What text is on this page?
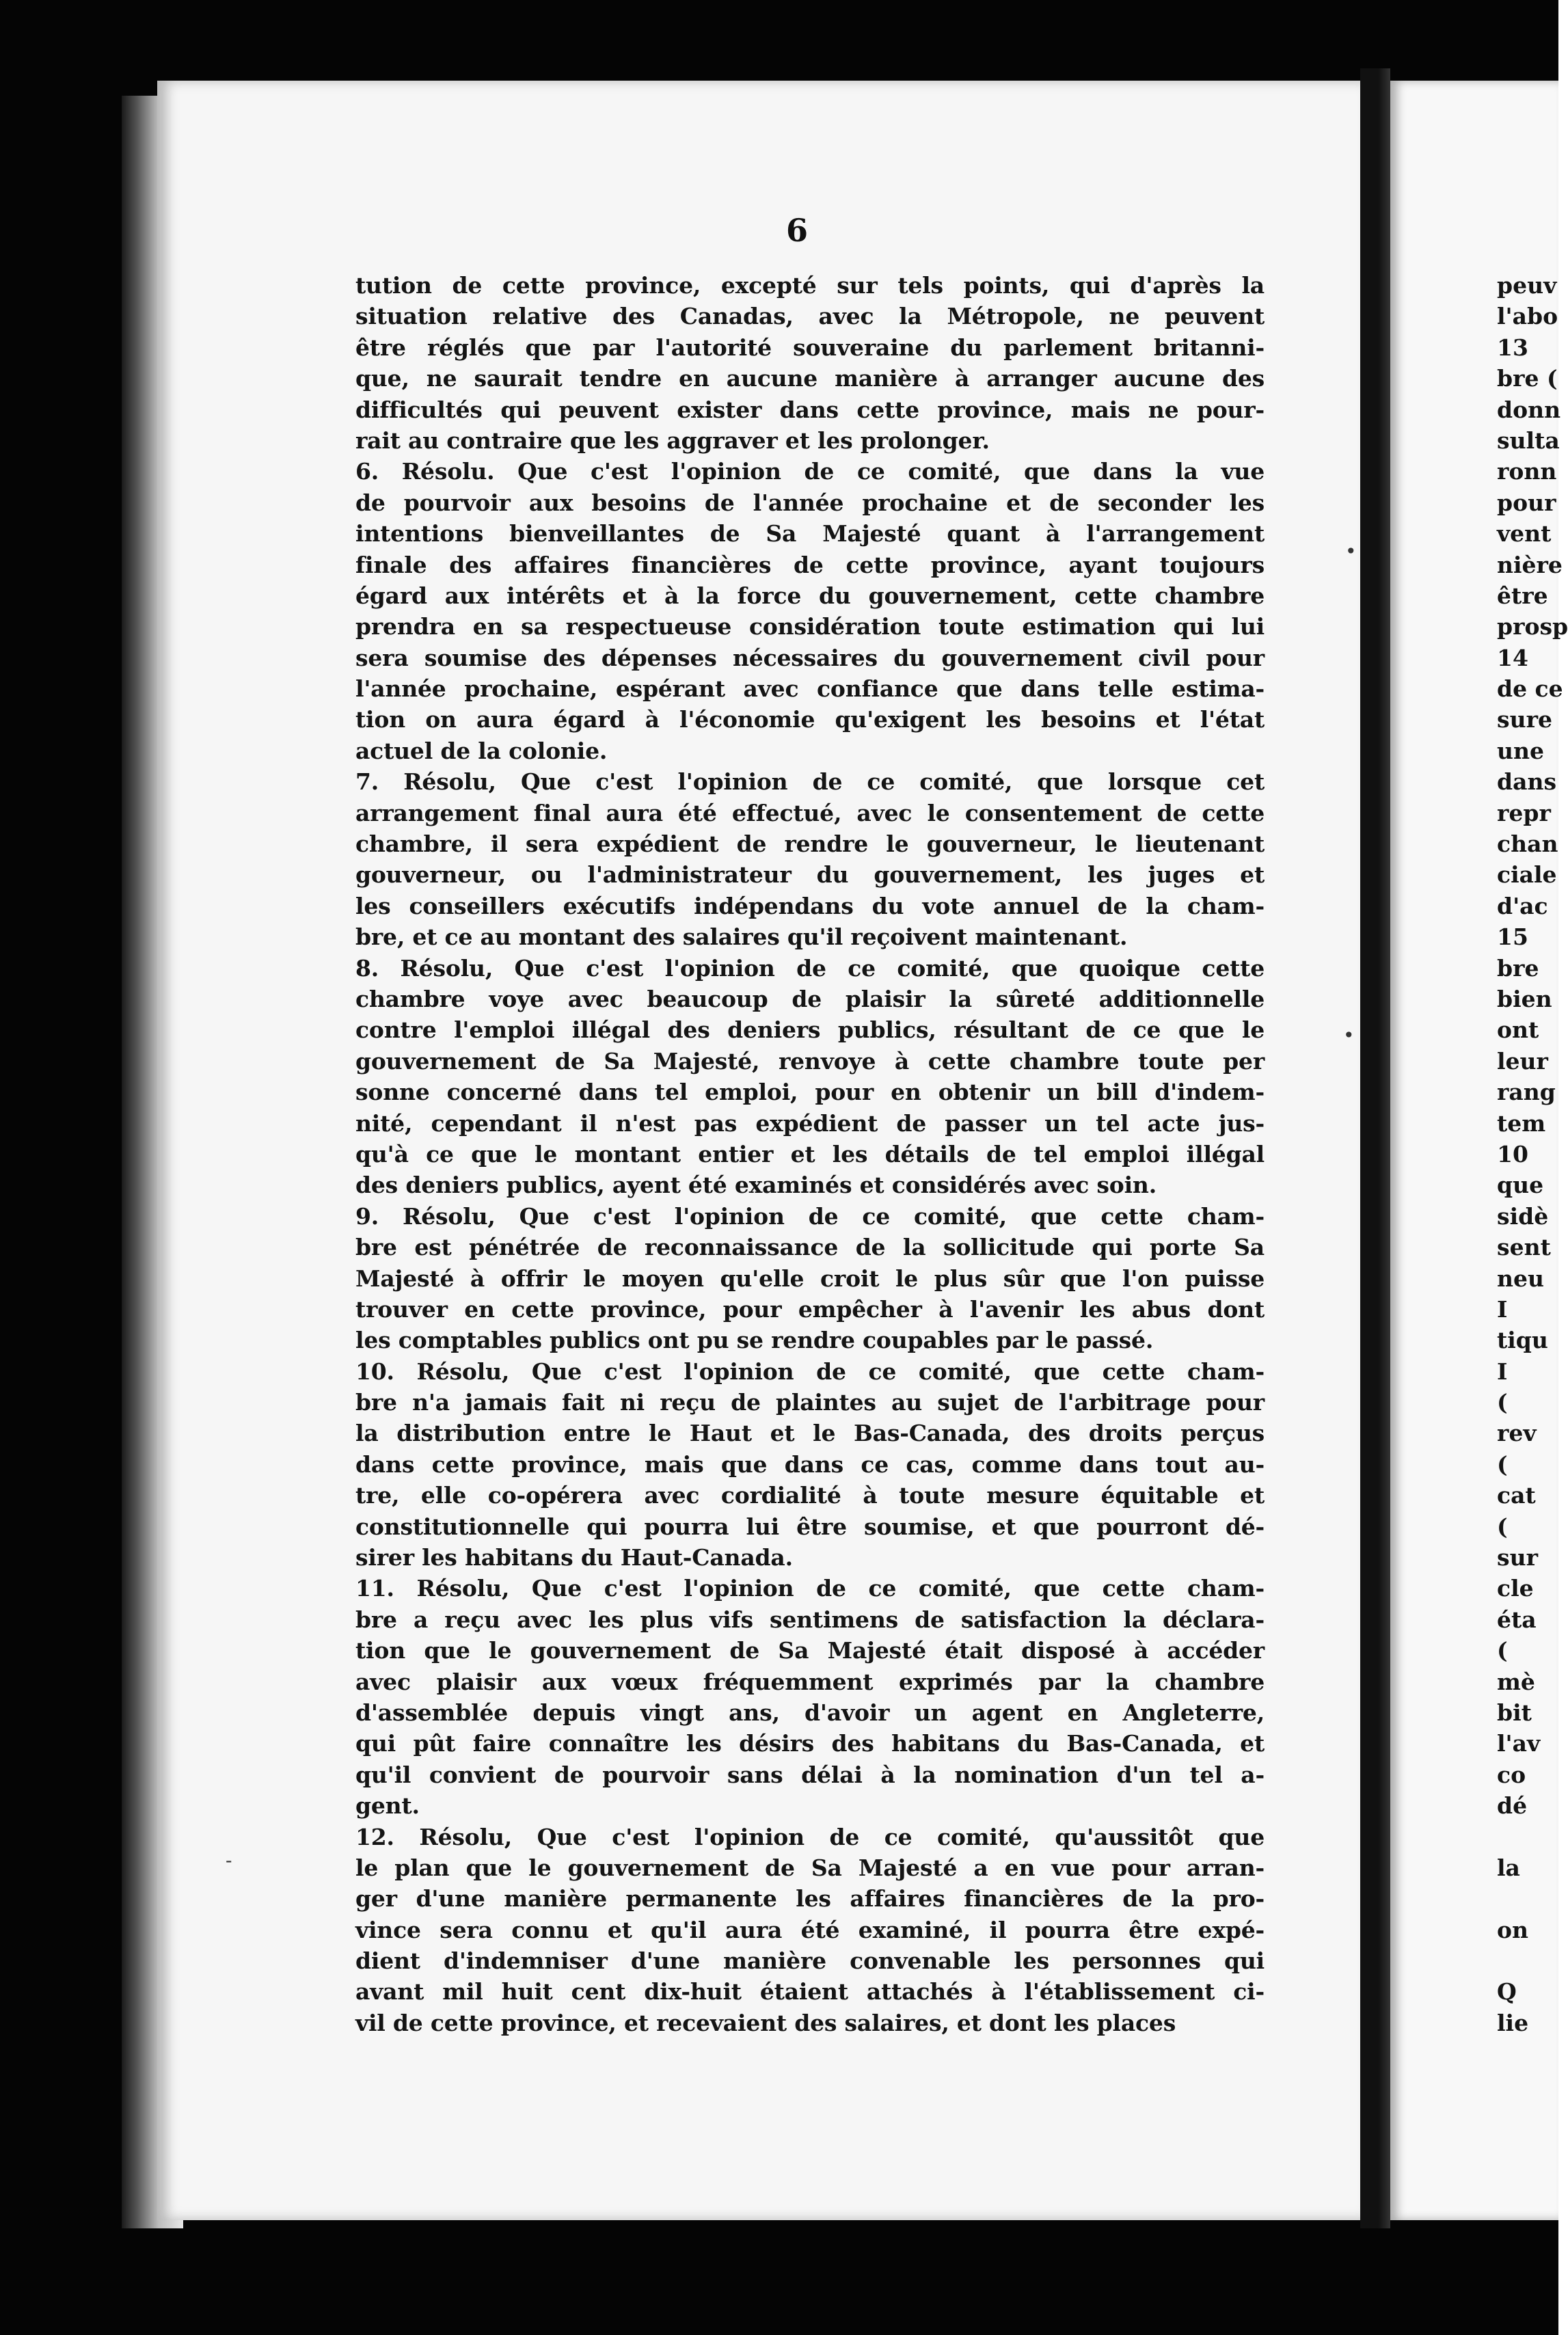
6
tution de cette province, excepté sur tels points, qui d'après la
situation relative des Canadas, avec la Métropole, ne peuvent
être réglés que par l'autorité souveraine du parlement britanni-
que, ne saurait tendre en aucune manière à arranger aucune des
difficultés qui peuvent exister dans cette province, mais ne pour-
rait au contraire que les aggraver et les prolonger.
6. Résolu. Que c'est l'opinion de ce comité, que dans la vue
de pourvoir aux besoins de l'année prochaine et de seconder les
intentions bienveillantes de Sa Majesté quant à l'arrangement
finale des affaires financières de cette province, ayant toujours
égard aux intérêts et à la force du gouvernement, cette chambre
prendra en sa respectueuse considération toute estimation qui lui
sera soumise des dépenses nécessaires du gouvernement civil pour
l'année prochaine, espérant avec confiance que dans telle estima-
tion on aura égard à l'économie qu'exigent les besoins et l'état
actuel de la colonie.
7. Résolu, Que c'est l'opinion de ce comité, que lorsque cet
arrangement final aura été effectué, avec le consentement de cette
chambre, il sera expédient de rendre le gouverneur, le lieutenant
gouverneur, ou l'administrateur du gouvernement, les juges et
les conseillers exécutifs indépendans du vote annuel de la cham-
bre, et ce au montant des salaires qu'il reçoivent maintenant.
8. Résolu, Que c'est l'opinion de ce comité, que quoique cette
chambre voye avec beaucoup de plaisir la sûreté additionnelle
contre l'emploi illégal des deniers publics, résultant de ce que le
gouvernement de Sa Majesté, renvoye à cette chambre toute per
sonne concerné dans tel emploi, pour en obtenir un bill d'indem-
nité, cependant il n'est pas expédient de passer un tel acte jus-
qu'à ce que le montant entier et les détails de tel emploi illégal
des deniers publics, ayent été examinés et considérés avec soin.
9. Résolu, Que c'est l'opinion de ce comité, que cette cham-
bre est pénétrée de reconnaissance de la sollicitude qui porte Sa
Majesté à offrir le moyen qu'elle croit le plus sûr que l'on puisse
trouver en cette province, pour empêcher à l'avenir les abus dont
les comptables publics ont pu se rendre coupables par le passé.
10. Résolu, Que c'est l'opinion de ce comité, que cette cham-
bre n'a jamais fait ni reçu de plaintes au sujet de l'arbitrage pour
la distribution entre le Haut et le Bas-Canada, des droits perçus
dans cette province, mais que dans ce cas, comme dans tout au-
tre, elle co-opérera avec cordialité à toute mesure équitable et
constitutionnelle qui pourra lui être soumise, et que pourront dé-
sirer les habitans du Haut-Canada.
11. Résolu, Que c'est l'opinion de ce comité, que cette cham-
bre a reçu avec les plus vifs sentimens de satisfaction la déclara-
tion que le gouvernement de Sa Majesté était disposé à accéder
avec plaisir aux vœux fréquemment exprimés par la chambre
d'assemblée depuis vingt ans, d'avoir un agent en Angleterre,
qui pût faire connaître les désirs des habitans du Bas-Canada, et
qu'il convient de pourvoir sans délai à la nomination d'un tel a-
gent.
12. Résolu, Que c'est l'opinion de ce comité, qu'aussitôt que
le plan que le gouvernement de Sa Majesté a en vue pour arran-
ger d'une manière permanente les affaires financières de la pro-
vince sera connu et qu'il aura été examiné, il pourra être expé-
dient d'indemniser d'une manière convenable les personnes qui
avant mil huit cent dix-huit étaient attachés à l'établissement ci-
vil de cette province, et recevaient des salaires, et dont les places
peuv
l'abo
13
bre (
donn
sulta
ronn
pour
vent
nière
être
prosp
14
de ce
sure
une
dans
repr
chan
ciale
d'ac
15
bre
bien
ont
leur
rang
tem
10
que
sidè
sent
neu
I
tiqu
I
(
rev
(
cat
(
sur
cle
éta
(
mè
bit
l'av
co
dé
la
on
Q
lie
•
•
-
